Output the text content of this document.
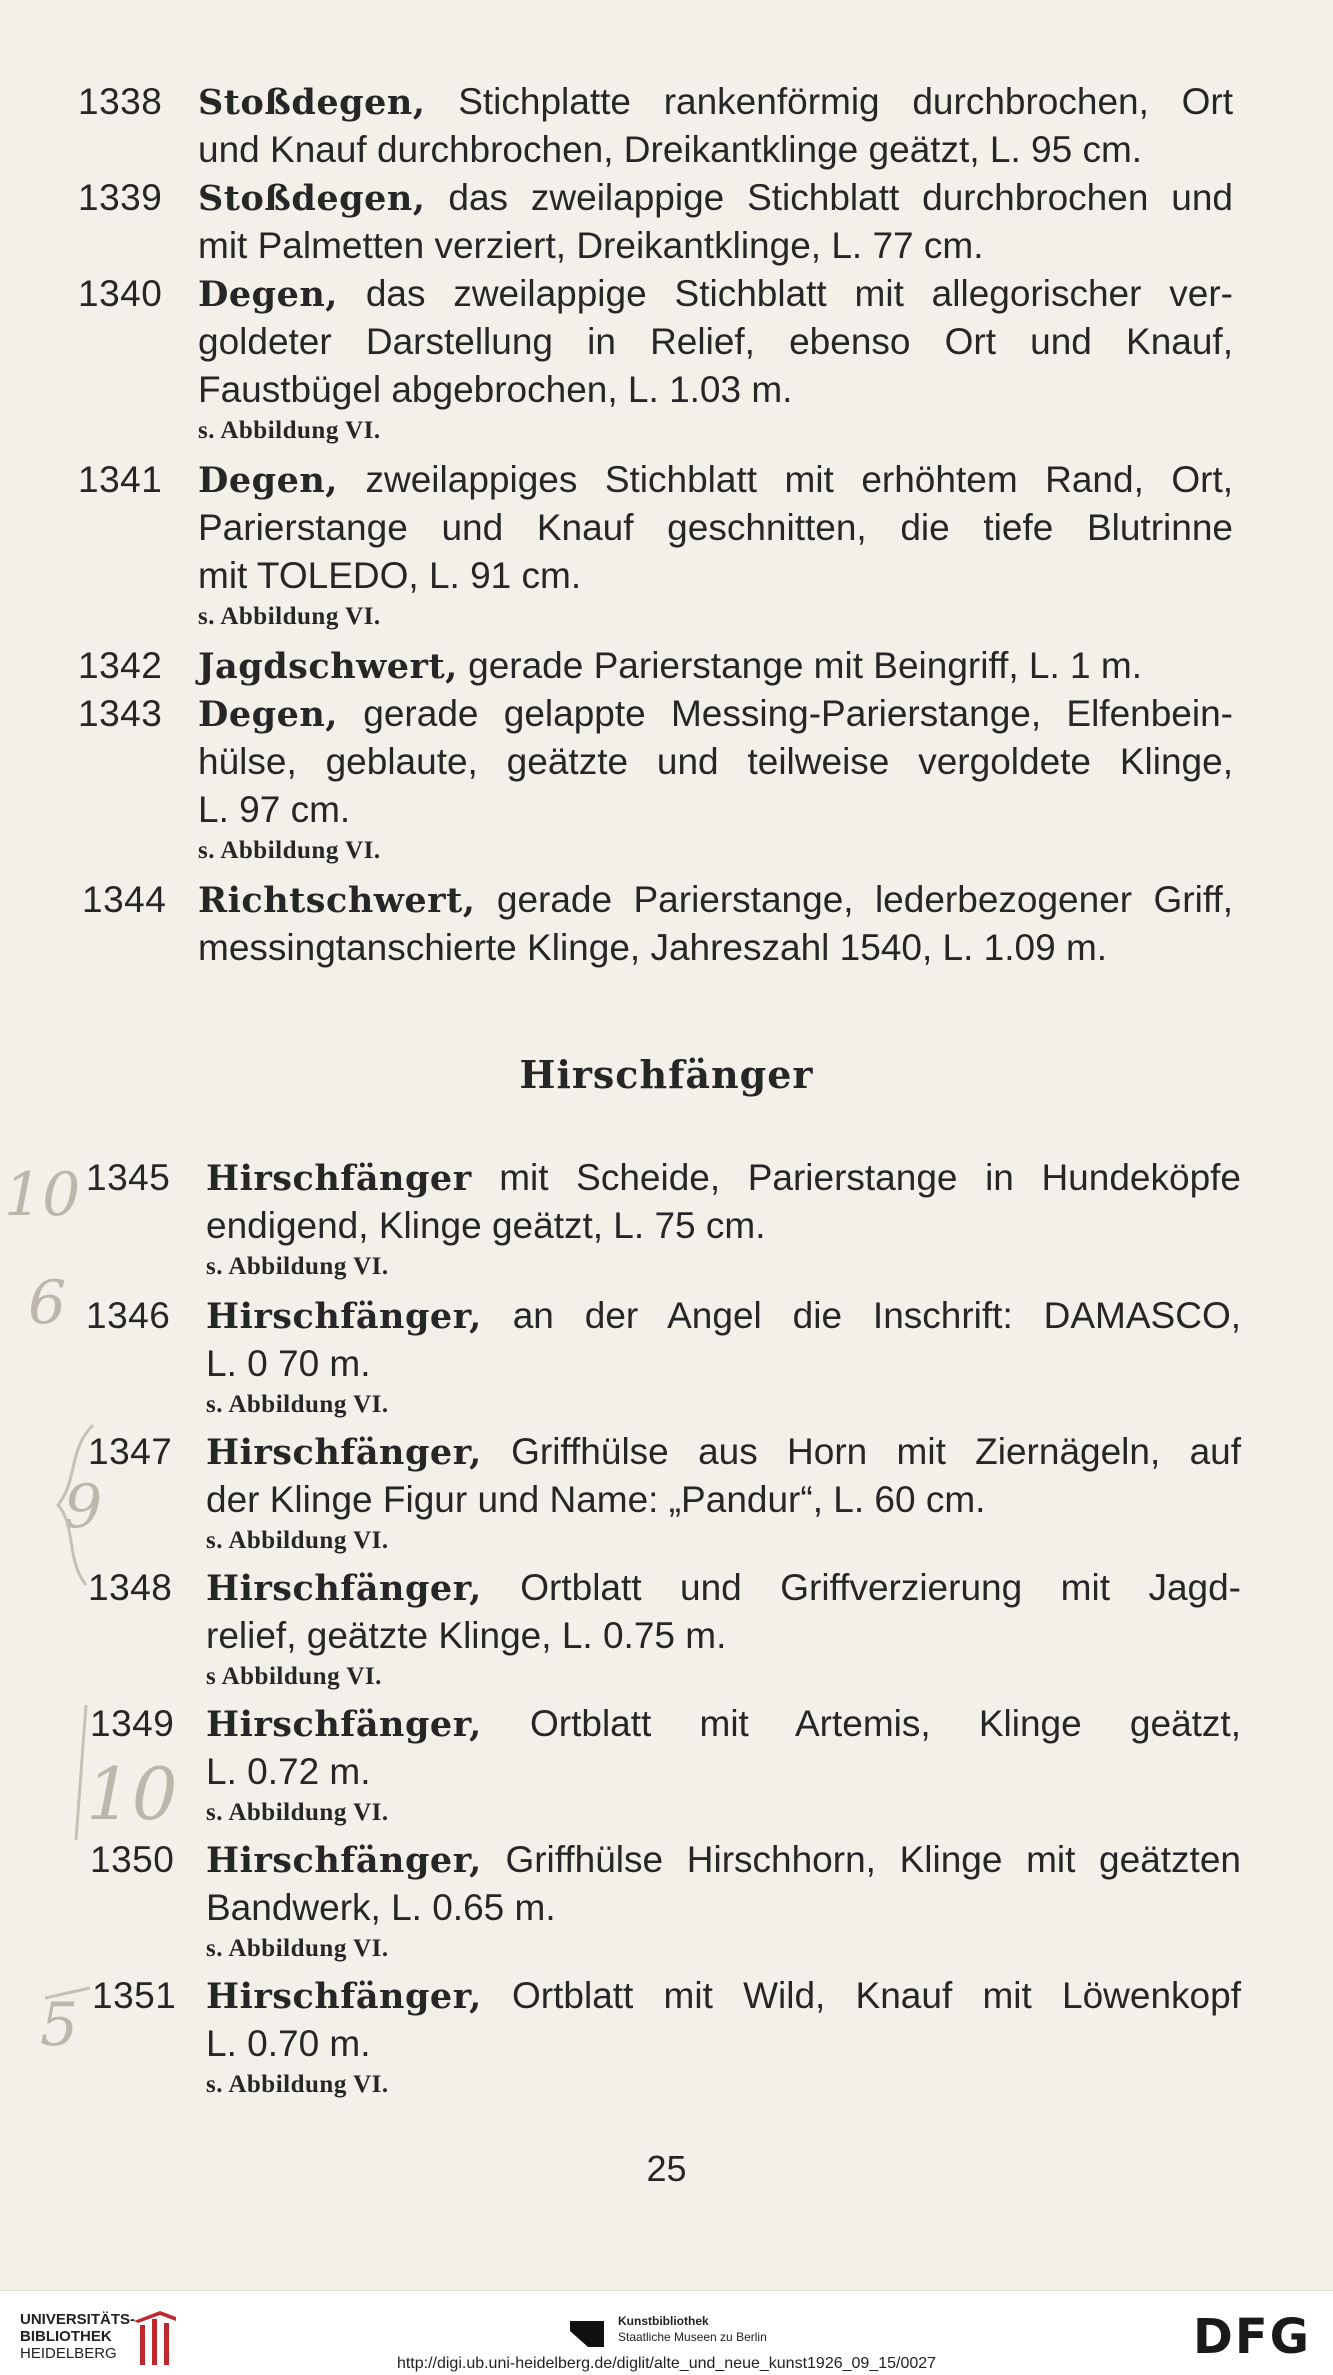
1338 Stoßdegen, Stichplatte rankenförmig durchbrochen, Ort
und Knauf durchbrochen, Dreikantklinge geätzt, L. 95 cm.
1339 Stoßdegen, das zweilappige Stichblatt durchbrochen und
mit Palmetten verziert, Dreikantklinge, L. 77 cm.
1340 Degen, das zweilappige Stichblatt mit allegorischer ver-
goldeter Darstellung in Relief, ebenso Ort und Knauf,
Faustbügel abgebrochen, L. 1.03 m.
s. Abbildung VI.
1341 Degen, zweilappiges Stichblatt mit erhöhtem Rand, Ort,
Parierstange und Knauf geschnitten, die tiefe Blutrinne
mit TOLEDO, L. 91 cm.
s. Abbildung VI.
1342 Jagdschwert, gerade Parierstange mit Beingriff, L. 1 m.
1343 Degen, gerade gelappte Messing-Parierstange, Elfenbein-
hülse, geblaute, geätzte und teilweise vergoldete Klinge,
L. 97 cm.
s. Abbildung VI.
1344 Richtschwert, gerade Parierstange, lederbezogener Griff,
messingtanschierte Klinge, Jahreszahl 1540, L. 1.09 m.
Hirschfänger
1345 Hirschfänger mit Scheide, Parierstange in Hundeköpfe
endigend, Klinge geätzt, L. 75 cm.
s. Abbildung VI.
1346 Hirschfänger, an der Angel die Inschrift: DAMASCO,
L. 0 70 m.
s. Abbildung VI.
1347 Hirschfänger, Griffhülse aus Horn mit Ziernägeln, auf
der Klinge Figur und Name: „Pandur“, L. 60 cm.
s. Abbildung VI.
1348 Hirschfänger, Ortblatt und Griffverzierung mit Jagd-
relief, geätzte Klinge, L. 0.75 m.
s Abbildung VI.
1349 Hirschfänger, Ortblatt mit Artemis, Klinge geätzt,
L. 0.72 m.
s. Abbildung VI.
1350 Hirschfänger, Griffhülse Hirschhorn, Klinge mit geätzten
Bandwerk, L. 0.65 m.
s. Abbildung VI.
1351 Hirschfänger, Ortblatt mit Wild, Knauf mit Löwenkopf
L. 0.70 m.
s. Abbildung VI.
10
6
9
10
5
25
UNIVERSITÄTS-
BIBLIOTHEK
HEIDELBERG
Kunstbibliothek
Staatliche Museen zu Berlin	DFG
http://digi.ub.uni-heidelberg.de/diglit/alte_und_neue_kunst1926_09_15/0027
